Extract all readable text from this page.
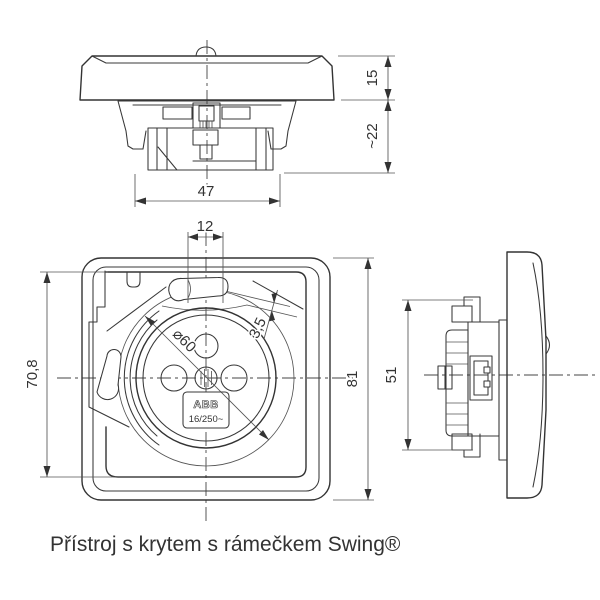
47
15
~22
⌀60
ABB
16/250~
12
3,5
70,8	81 51
Přístroj s krytem s rámečkem Swing®
